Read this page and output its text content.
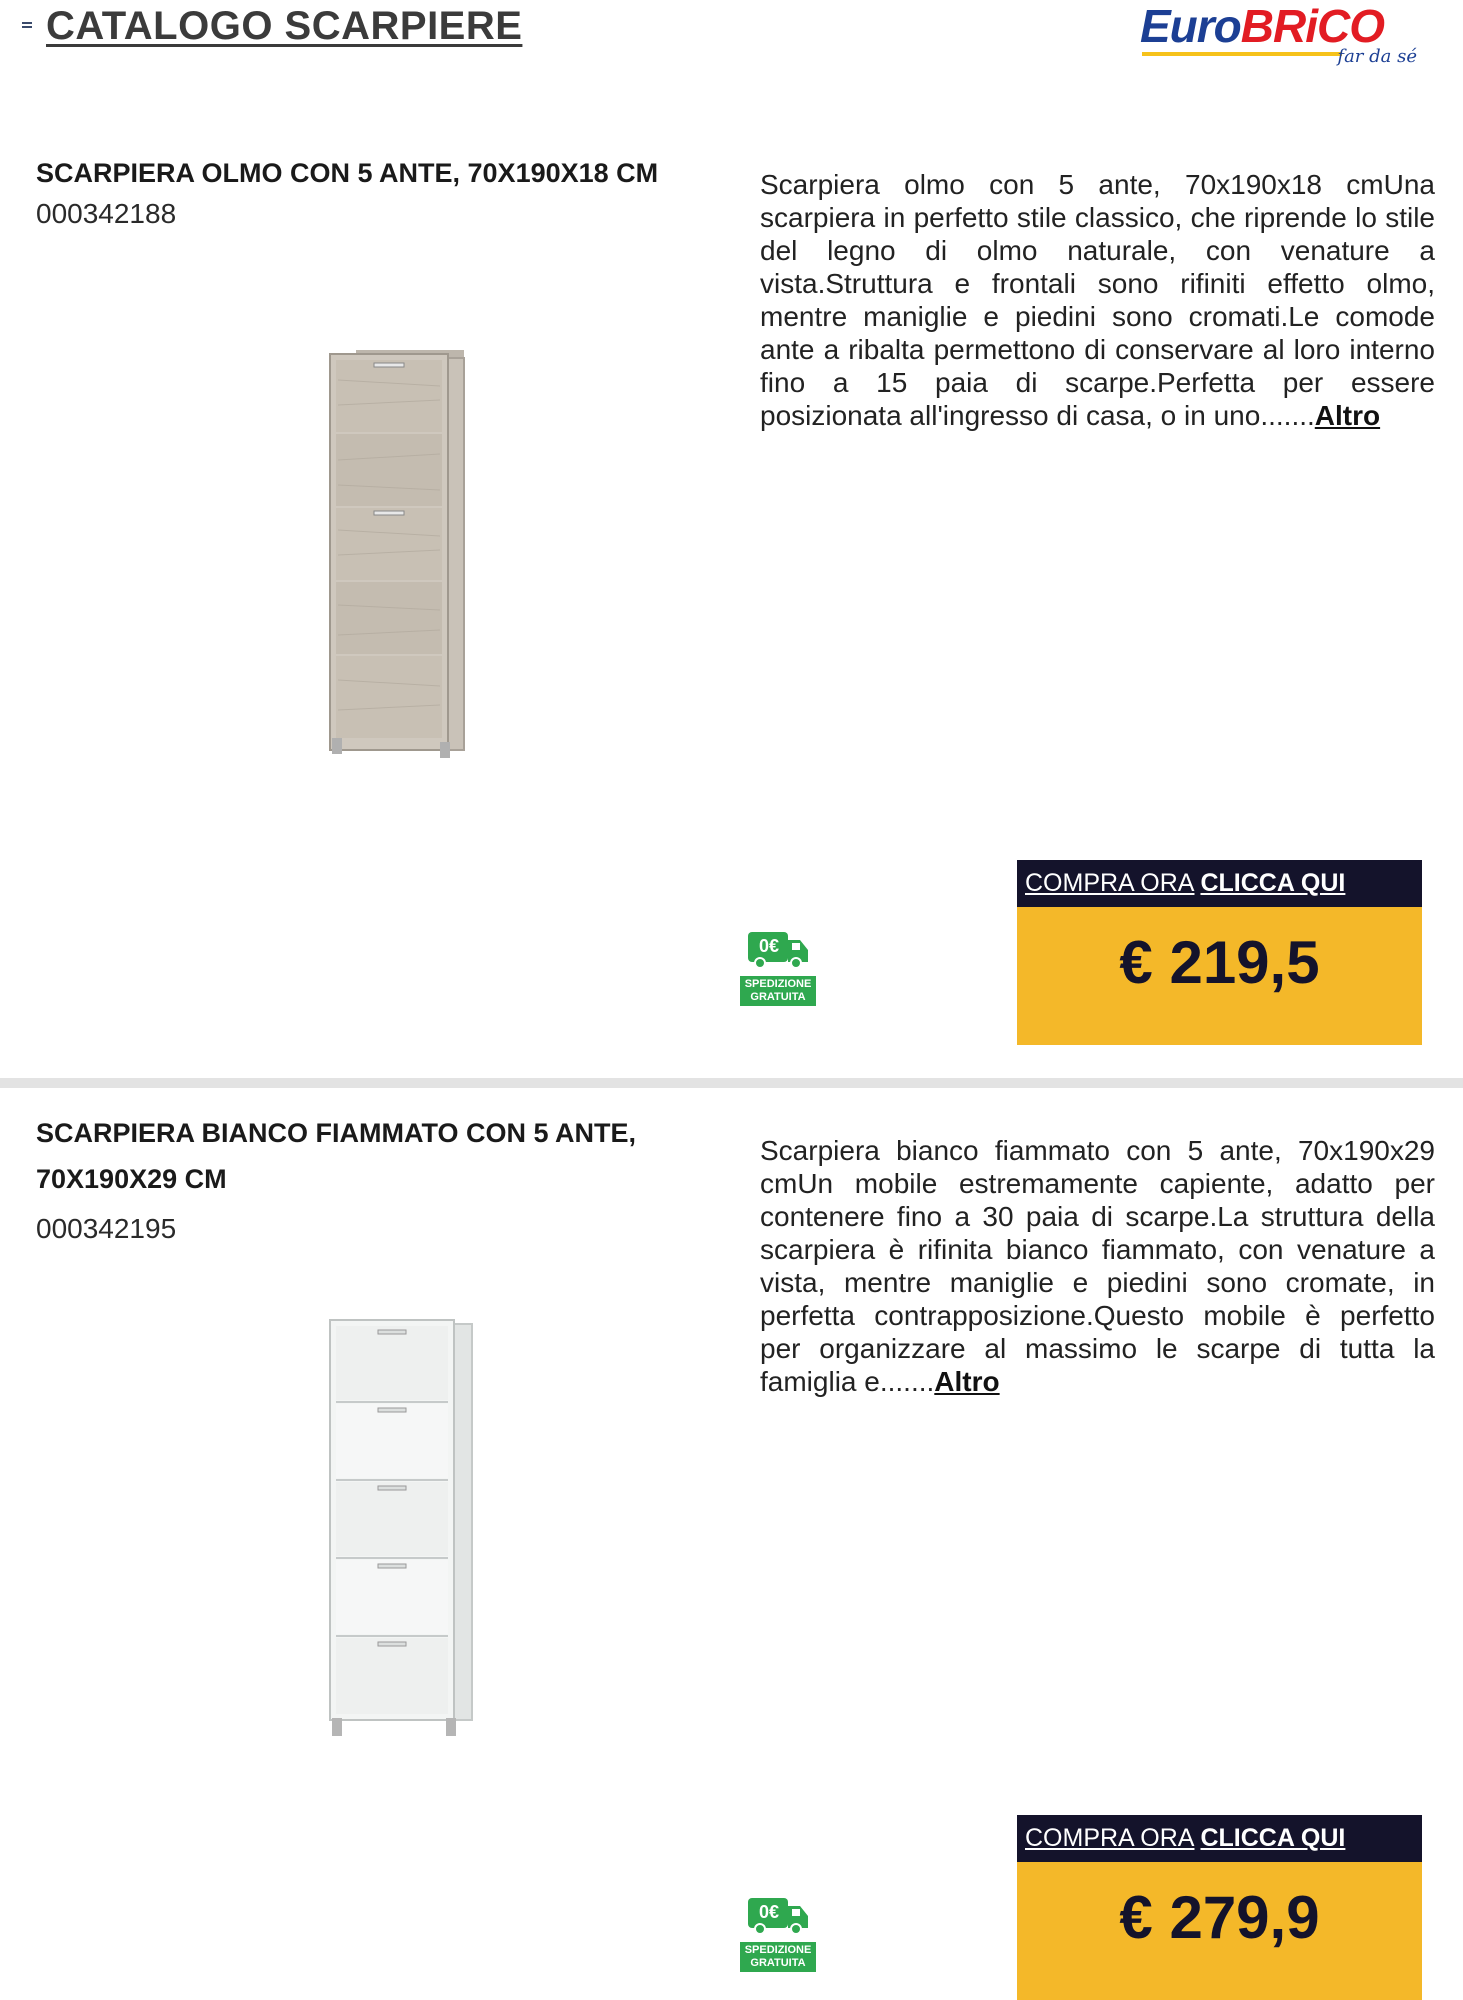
CATALOGO SCARPIERE	EuroBRiCO
far da sé
SCARPIERA OLMO CON 5 ANTE, 70X190X18 CM
000342188
Scarpiera olmo con 5 ante, 70x190x18 cmUna scarpiera in perfetto stile classico, che riprende lo stile del legno di olmo naturale, con venature a vista.Struttura e frontali sono rifiniti effetto olmo, mentre maniglie e piedini sono cromati.Le comode ante a ribalta permettono di conservare al loro interno fino a 15 paia di scarpe.Perfetta per essere posizionata all'ingresso di casa, o in uno.......Altro
0€
SPEDIZIONE
GRATUITA
COMPRA ORA CLICCA QUI
€ 219,5
SCARPIERA BIANCO FIAMMATO CON 5 ANTE, 70X190X29 CM
000342195
Scarpiera bianco fiammato con 5 ante, 70x190x29 cmUn mobile estremamente capiente, adatto per contenere fino a 30 paia di scarpe.La struttura della scarpiera è rifinita bianco fiammato, con venature a vista, mentre maniglie e piedini sono cromate, in perfetta contrapposizione.Questo mobile è perfetto per organizzare al massimo le scarpe di tutta la famiglia e.......Altro
0€
SPEDIZIONE
GRATUITA
COMPRA ORA CLICCA QUI
€ 279,9
